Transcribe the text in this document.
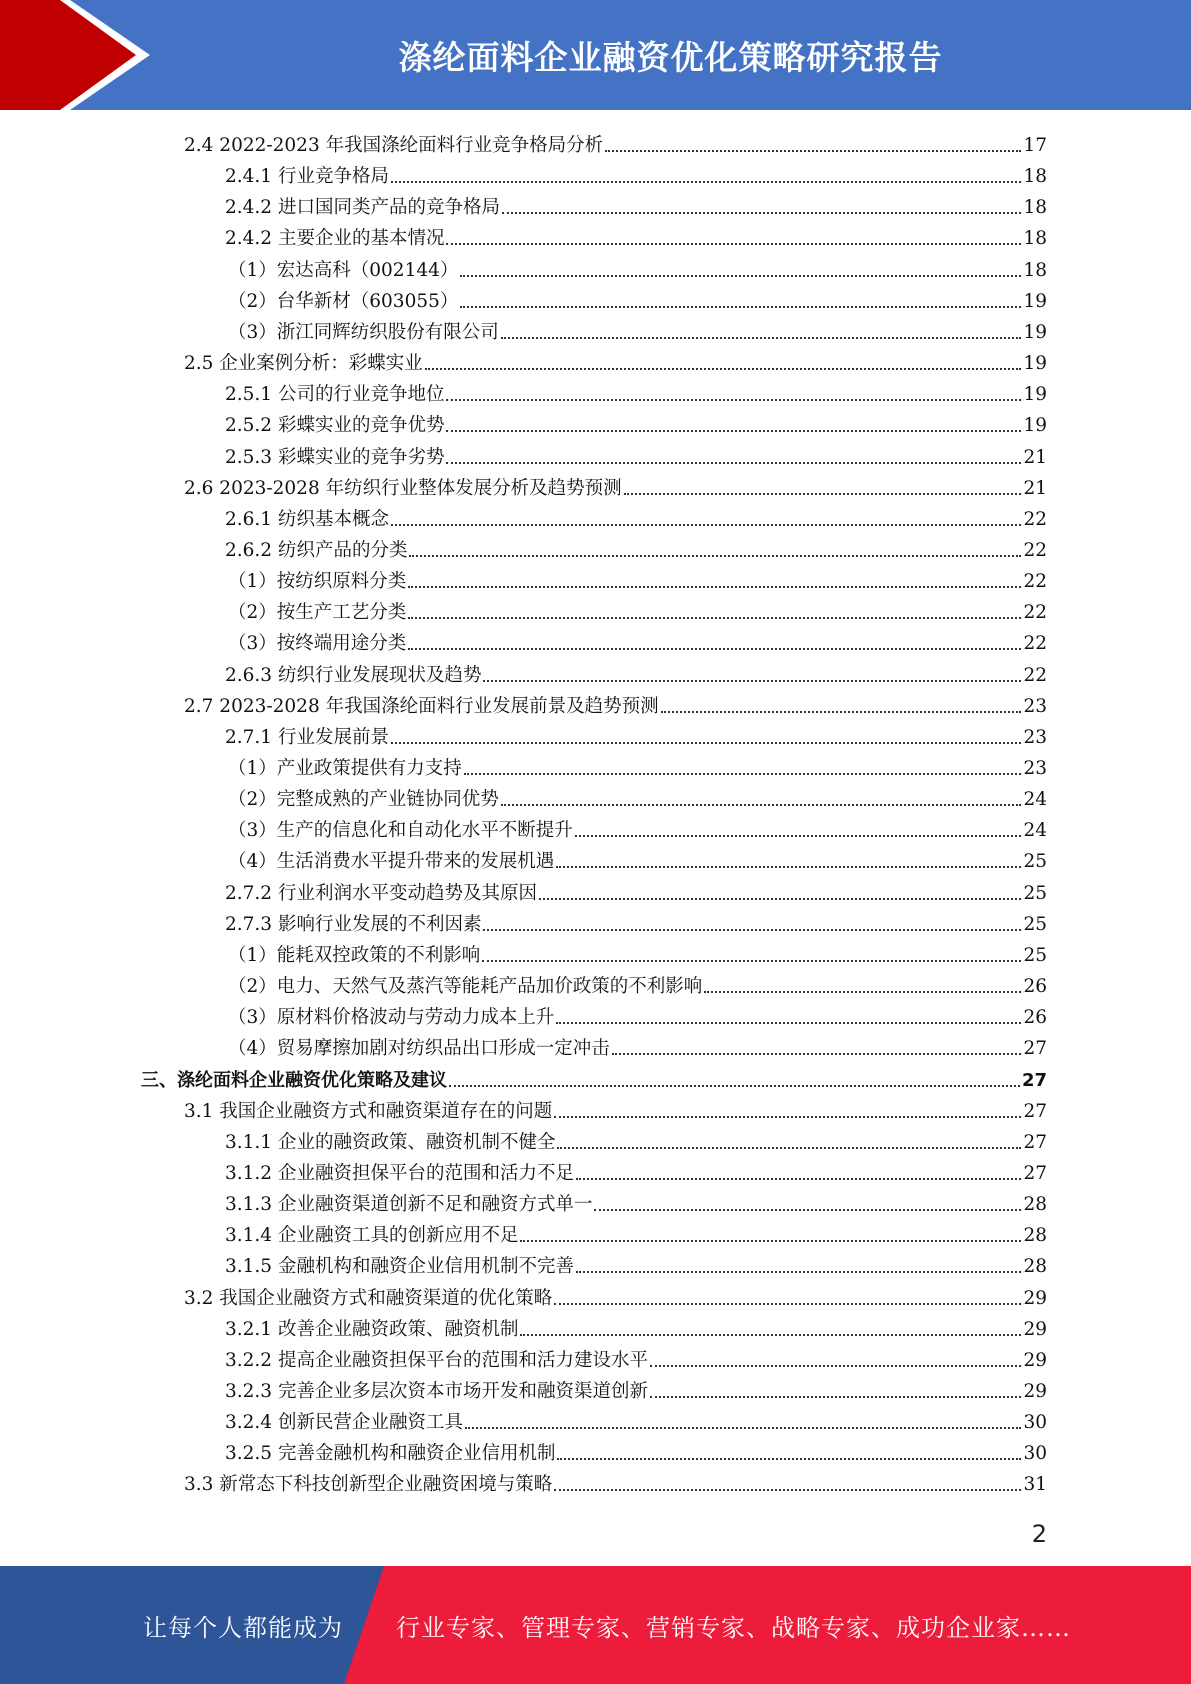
涤纶面料企业融资优化策略研究报告
2.4 2022-2023 年我国涤纶面料行业竞争格局分析	17
2.4.1 行业竞争格局	18
2.4.2 进口国同类产品的竞争格局	18
2.4.2 主要企业的基本情况	18
（1）宏达高科（002144）	18
（2）台华新材（603055）	19
（3）浙江同辉纺织股份有限公司	19
2.5 企业案例分析：彩蝶实业	19
2.5.1 公司的行业竞争地位	19
2.5.2 彩蝶实业的竞争优势	19
2.5.3 彩蝶实业的竞争劣势	21
2.6 2023-2028 年纺织行业整体发展分析及趋势预测	21
2.6.1 纺织基本概念	22
2.6.2 纺织产品的分类	22
（1）按纺织原料分类	22
（2）按生产工艺分类	22
（3）按终端用途分类	22
2.6.3 纺织行业发展现状及趋势	22
2.7 2023-2028 年我国涤纶面料行业发展前景及趋势预测	23
2.7.1 行业发展前景	23
（1）产业政策提供有力支持	23
（2）完整成熟的产业链协同优势	24
（3）生产的信息化和自动化水平不断提升	24
（4）生活消费水平提升带来的发展机遇	25
2.7.2 行业利润水平变动趋势及其原因	25
2.7.3 影响行业发展的不利因素	25
（1）能耗双控政策的不利影响	25
（2）电力、天然气及蒸汽等能耗产品加价政策的不利影响	26
（3）原材料价格波动与劳动力成本上升	26
（4）贸易摩擦加剧对纺织品出口形成一定冲击	27
三、涤纶面料企业融资优化策略及建议	27
3.1 我国企业融资方式和融资渠道存在的问题	27
3.1.1 企业的融资政策、融资机制不健全	27
3.1.2 企业融资担保平台的范围和活力不足	27
3.1.3 企业融资渠道创新不足和融资方式单一	28
3.1.4 企业融资工具的创新应用不足	28
3.1.5 金融机构和融资企业信用机制不完善	28
3.2 我国企业融资方式和融资渠道的优化策略	29
3.2.1 改善企业融资政策、融资机制	29
3.2.2 提高企业融资担保平台的范围和活力建设水平	29
3.2.3 完善企业多层次资本市场开发和融资渠道创新	29
3.2.4 创新民营企业融资工具	30
3.2.5 完善金融机构和融资企业信用机制	30
3.3 新常态下科技创新型企业融资困境与策略	31
2
让每个人都能成为 行业专家、管理专家、营销专家、战略专家、成功企业家……
